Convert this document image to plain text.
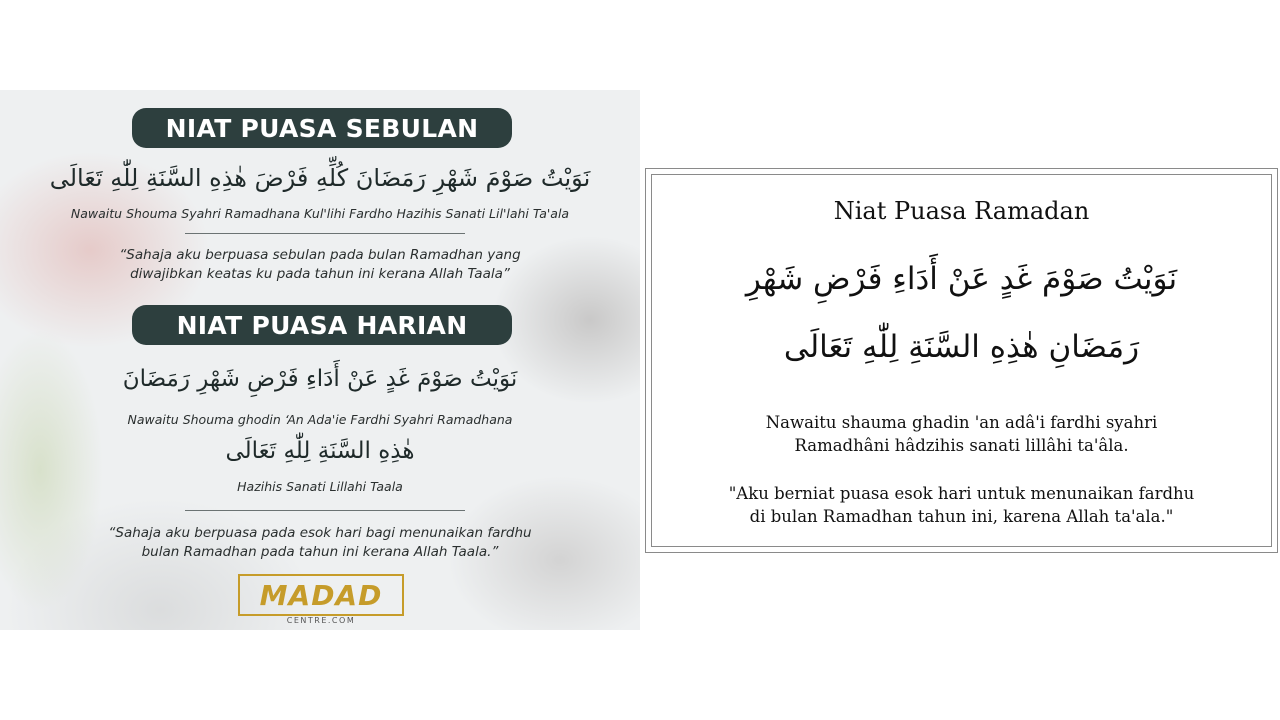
NIAT PUASA SEBULAN
نَوَيْتُ صَوْمَ شَهْرِ رَمَضَانَ كُلِّهِ فَرْضَ هٰذِهِ السَّنَةِ لِلّٰهِ تَعَالَى
Nawaitu Shouma Syahri Ramadhana Kul'lihi Fardho Hazihis Sanati Lil'lahi Ta'ala
“Sahaja aku berpuasa sebulan pada bulan Ramadhan yang
diwajibkan keatas ku pada tahun ini kerana Allah Taala”
NIAT PUASA HARIAN
نَوَيْتُ صَوْمَ غَدٍ عَنْ أَدَاءِ فَرْضِ شَهْرِ رَمَضَانَ
Nawaitu Shouma ghodin ‘An Ada'ie Fardhi Syahri Ramadhana
هٰذِهِ السَّنَةِ لِلّٰهِ تَعَالَى
Hazihis Sanati Lillahi Taala
“Sahaja aku berpuasa pada esok hari bagi menunaikan fardhu
bulan Ramadhan pada tahun ini kerana Allah Taala.”
MADAD
CENTRE.COM
Niat Puasa Ramadan
نَوَيْتُ صَوْمَ غَدٍ عَنْ أَدَاءِ فَرْضِ شَهْرِ
رَمَضَانِ هٰذِهِ السَّنَةِ لِلّٰهِ تَعَالَى
Nawaitu shauma ghadin 'an adâ'i fardhi syahri
Ramadhâni hâdzihis sanati lillâhi ta'âla.
"Aku berniat puasa esok hari untuk menunaikan fardhu
di bulan Ramadhan tahun ini, karena Allah ta'ala."
